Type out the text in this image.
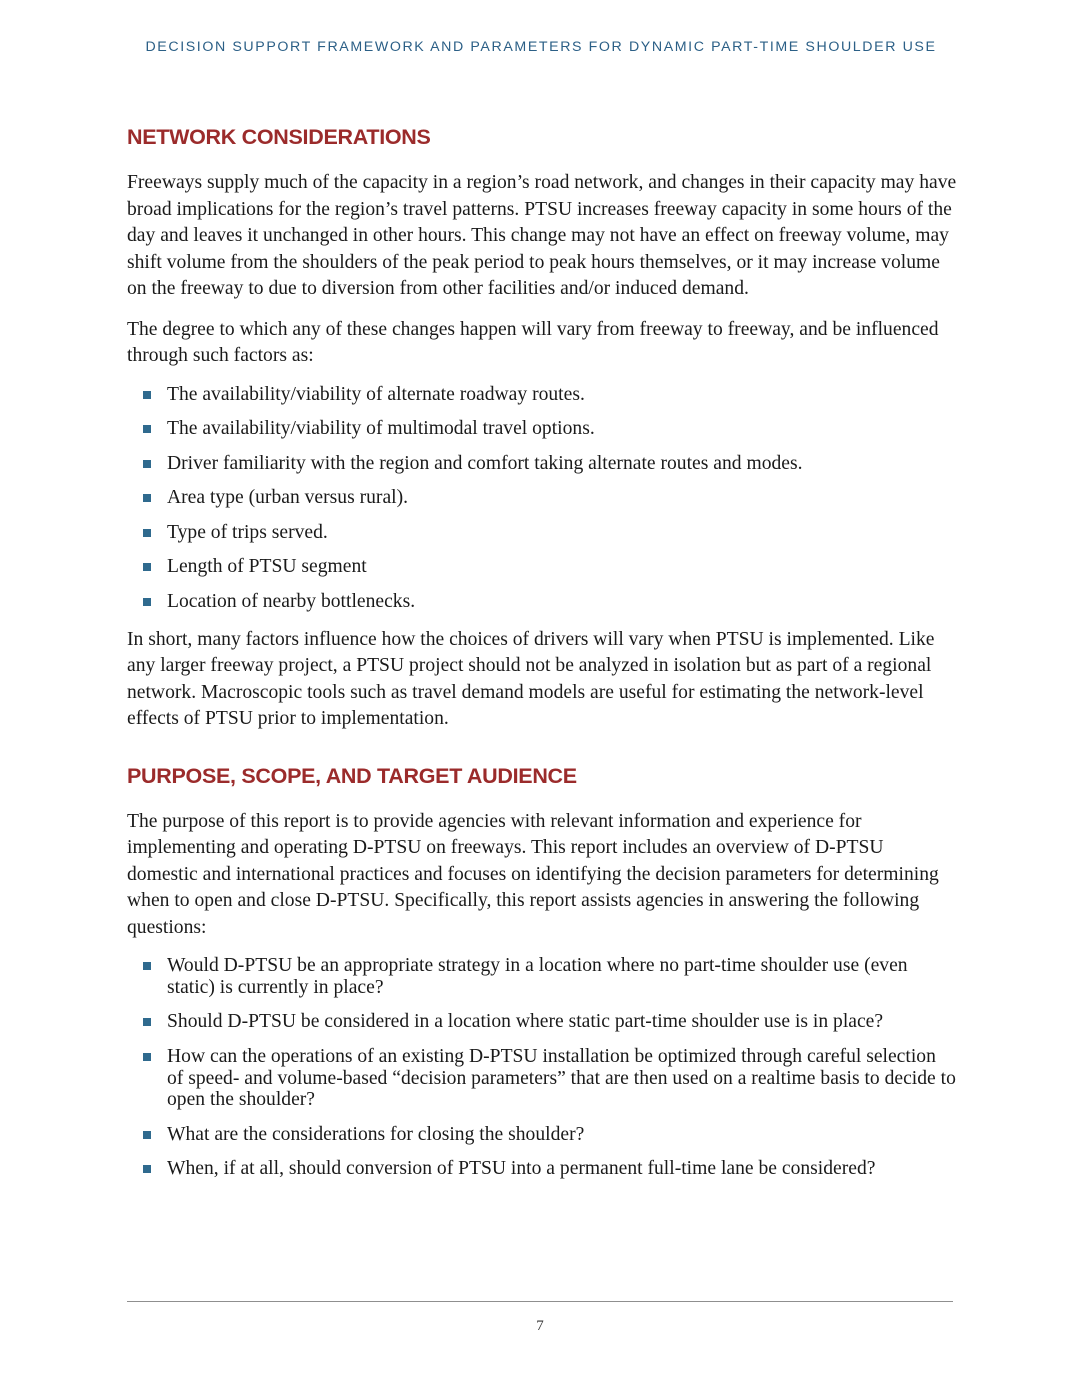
DECISION SUPPORT FRAMEWORK AND PARAMETERS FOR DYNAMIC PART-TIME SHOULDER USE
NETWORK CONSIDERATIONS

Freeways supply much of the capacity in a region’s road network, and changes in their capacity may have broad implications for the region’s travel patterns. PTSU increases freeway capacity in some hours of the day and leaves it unchanged in other hours. This change may not have an effect on freeway volume, may shift volume from the shoulders of the peak period to peak hours themselves, or it may increase volume on the freeway to due to diversion from other facilities and/or induced demand.

The degree to which any of these changes happen will vary from freeway to freeway, and be influenced through such factors as:

The availability/viability of alternate roadway routes.
The availability/viability of multimodal travel options.
Driver familiarity with the region and comfort taking alternate routes and modes.
Area type (urban versus rural).
Type of trips served.
Length of PTSU segment
Location of nearby bottlenecks.

In short, many factors influence how the choices of drivers will vary when PTSU is implemented. Like any larger freeway project, a PTSU project should not be analyzed in isolation but as part of a regional network. Macroscopic tools such as travel demand models are useful for estimating the network-level effects of PTSU prior to implementation.

PURPOSE, SCOPE, AND TARGET AUDIENCE

The purpose of this report is to provide agencies with relevant information and experience for implementing and operating D-PTSU on freeways. This report includes an overview of D-PTSU domestic and international practices and focuses on identifying the decision parameters for determining when to open and close D-PTSU. Specifically, this report assists agencies in answering the following questions:

Would D-PTSU be an appropriate strategy in a location where no part-time shoulder use (even static) is currently in place?
Should D-PTSU be considered in a location where static part-time shoulder use is in place?
How can the operations of an existing D-PTSU installation be optimized through careful selection of speed- and volume-based “decision parameters” that are then used on a realtime basis to decide to open the shoulder?
What are the considerations for closing the shoulder?
When, if at all, should conversion of PTSU into a permanent full-time lane be considered?
7
